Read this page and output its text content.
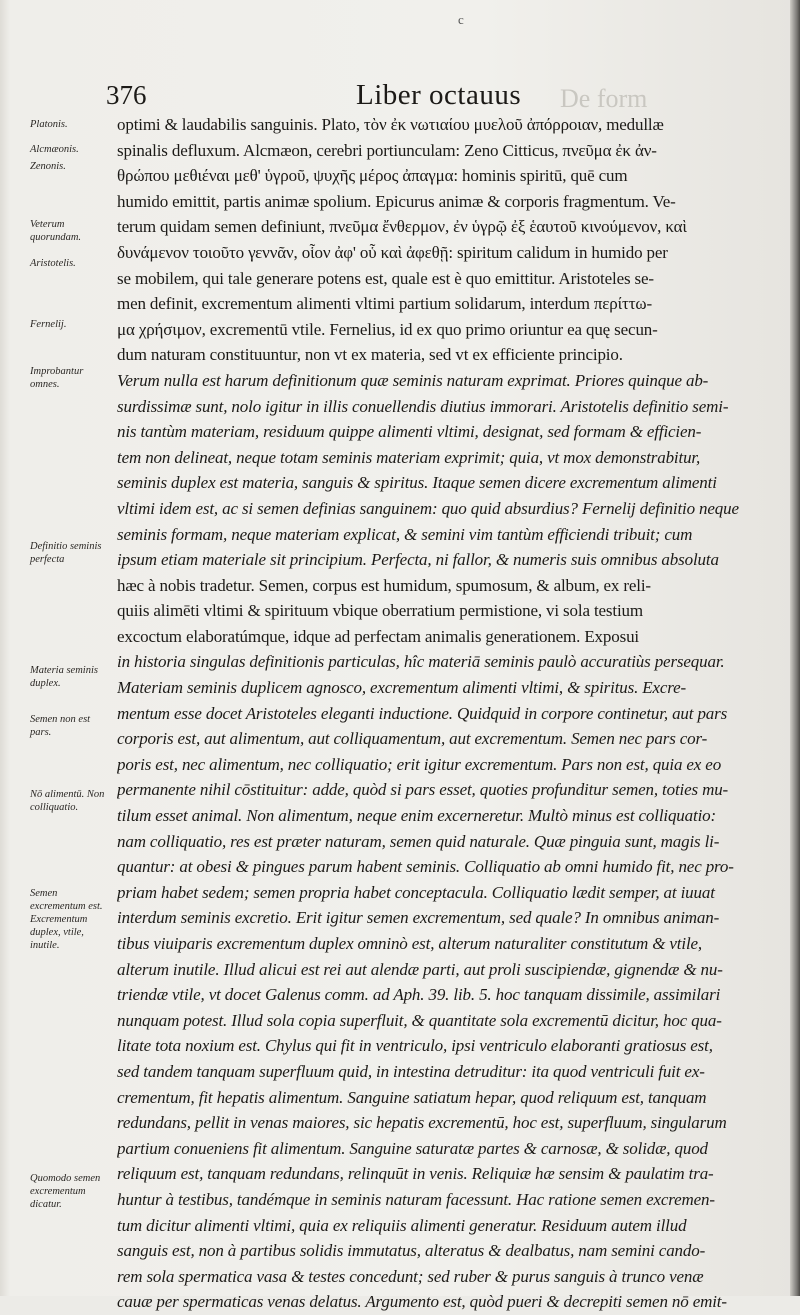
c
376	Liber octauus De form
Platonis.
Alcmæonis.
Zenonis.
Veterum quorundam.
Aristotelis.
Fernelij.
Improbantur omnes.
Definitio seminis perfecta
Materia seminis duplex.
Semen non est pars.
Nō alimentū. Non colliquatio.
Semen excrementum est. Excrementum duplex, vtile, inutile.
Quomodo semen excrementum dicatur.
optimi & laudabilis sanguinis. Plato, τὸν ἐκ νωτιαίου μυελοῦ ἀπόρροιαν, medullæ
spinalis defluxum. Alcmæon, cerebri portiunculam: Zeno Citticus, πνεῦμα ἐκ ἀν-
θρώπου μεθιέναι μεθ' ὑγροῦ, ψυχῆς μέρος ἀπαγμα: hominis spiritū, quē cum
humido emittit, partis animæ spolium. Epicurus animæ & corporis fragmentum. Ve-
terum quidam semen definiunt, πνεῦμα ἔνθερμον, ἐν ὑγρῷ ἐξ ἑαυτοῦ κινούμενον, καὶ
δυνάμενον τοιοῦτο γεννᾶν, οἷον ἀφ' οὗ καὶ ἀφεθῇ: spiritum calidum in humido per
se mobilem, qui tale generare potens est, quale est è quo emittitur. Aristoteles se-
men definit, excrementum alimenti vltimi partium solidarum, interdum περίττω-
μα χρήσιμον, excrementū vtile. Fernelius, id ex quo primo oriuntur ea quę secun-
dum naturam constituuntur, non vt ex materia, sed vt ex efficiente principio.
Verum nulla est harum definitionum quæ seminis naturam exprimat. Priores quinque ab-
surdissimæ sunt, nolo igitur in illis conuellendis diutius immorari. Aristotelis definitio semi-
nis tantùm materiam, residuum quippe alimenti vltimi, designat, sed formam & efficien-
tem non delineat, neque totam seminis materiam exprimit; quia, vt mox demonstrabitur,
seminis duplex est materia, sanguis & spiritus. Itaque semen dicere excrementum alimenti
vltimi idem est, ac si semen definias sanguinem: quo quid absurdius? Fernelij definitio neque
seminis formam, neque materiam explicat, & semini vim tantùm efficiendi tribuit; cum
ipsum etiam materiale sit principium. Perfecta, ni fallor, & numeris suis omnibus absoluta
hæc à nobis tradetur. Semen, corpus est humidum, spumosum, & album, ex reli-
quiis alimēti vltimi & spirituum vbique oberratium permistione, vi sola testium
excoctum elaboratúmque, idque ad perfectam animalis generationem. Exposui
in historia singulas definitionis particulas, hîc materiā seminis paulò accuratiùs persequar.
Materiam seminis duplicem agnosco, excrementum alimenti vltimi, & spiritus. Excre-
mentum esse docet Aristoteles eleganti inductione. Quidquid in corpore continetur, aut pars
corporis est, aut alimentum, aut colliquamentum, aut excrementum. Semen nec pars cor-
poris est, nec alimentum, nec colliquatio; erit igitur excrementum. Pars non est, quia ex eo
permanente nihil cōstituitur: adde, quòd si pars esset, quoties profunditur semen, toties mu-
tilum esset animal. Non alimentum, neque enim excerneretur. Multò minus est colliquatio:
nam colliquatio, res est præter naturam, semen quid naturale. Quæ pinguia sunt, magis li-
quantur: at obesi & pingues parum habent seminis. Colliquatio ab omni humido fit, nec pro-
priam habet sedem; semen propria habet conceptacula. Colliquatio lædit semper, at iuuat
interdum seminis excretio. Erit igitur semen excrementum, sed quale? In omnibus animan-
tibus viuiparis excrementum duplex omninò est, alterum naturaliter constitutum & vtile,
alterum inutile. Illud alicui est rei aut alendæ parti, aut proli suscipiendæ, gignendæ & nu-
triendæ vtile, vt docet Galenus comm. ad Aph. 39. lib. 5. hoc tanquam dissimile, assimilari
nunquam potest. Illud sola copia superfluit, & quantitate sola excrementū dicitur, hoc qua-
litate tota noxium est. Chylus qui fit in ventriculo, ipsi ventriculo elaboranti gratiosus est,
sed tandem tanquam superfluum quid, in intestina detruditur: ita quod ventriculi fuit ex-
crementum, fit hepatis alimentum. Sanguine satiatum hepar, quod reliquum est, tanquam
redundans, pellit in venas maiores, sic hepatis excrementū, hoc est, superfluum, singularum
partium conueniens fit alimentum. Sanguine saturatæ partes & carnosæ, & solidæ, quod
reliquum est, tanquam redundans, relinquūt in venis. Reliquiæ hæ sensim & paulatim tra-
huntur à testibus, tandémque in seminis naturam facessunt. Hac ratione semen excremen-
tum dicitur alimenti vltimi, quia ex reliquiis alimenti generatur. Residuum autem illud
sanguis est, non à partibus solidis immutatus, alteratus & dealbatus, nam semini cando-
rem sola spermatica vasa & testes concedunt; sed ruber & purus sanguis à trunco venæ
cauæ per spermaticas venas delatus. Argumento est, quòd pueri & decrepiti semen nō emit-
